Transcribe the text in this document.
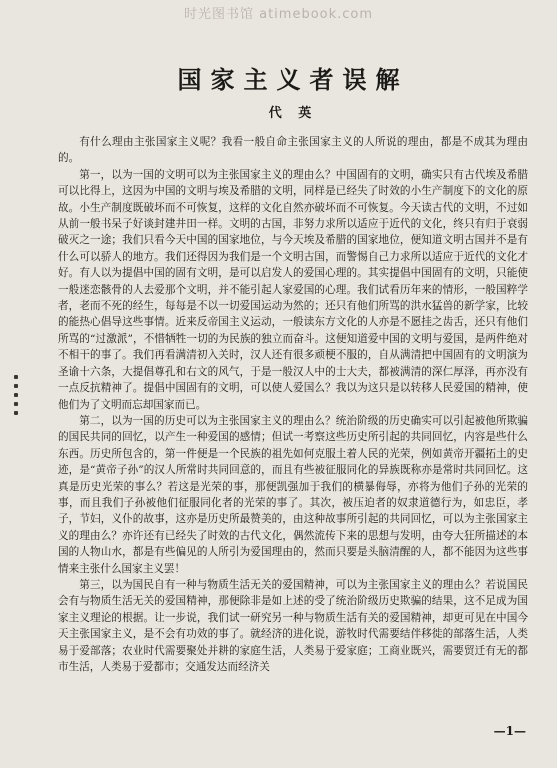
时光图书馆 atimebook.com
国家主义者误解
代 英

有什么理由主张国家主义呢？我看一般自命主张国家主义的人所说的理由，都是不成其为理由的。

第一，以为一国的文明可以为主张国家主义的理由么？中国固有的文明，确实只有古代埃及希腊可以比得上，这因为中国的文明与埃及希腊的文明，同样是已经失了时效的小生产制度下的文化的原故。小生产制度既破坏而不可恢复，这样的文化自然亦破坏而不可恢复。今天读古代的文明，不过如从前一般书呆子好谈封建井田一样。文明的古国，非努力求所以适应于近代的文化，终只有归于衰弱破灭之一途；我们只看今天中国的国家地位，与今天埃及希腊的国家地位，便知道文明古国并不是有什么可以骄人的地方。我们还得因为我们是一个文明古国，而警惕自己力求所以适应于近代的文化才好。有人以为提倡中国的固有文明，是可以启发人的爱国心理的。其实提倡中国固有的文明，只能使一般迷恋骸骨的人去爱那个文明，并不能引起人家爱国的心理。我们试看历年来的情形，一般国粹学者，老而不死的经生，每每是不以一切爱国运动为然的；还只有他们所骂的洪水猛兽的新学家，比较的能热心倡导这些事情。近来反帝国主义运动，一般读东方文化的人亦是不愿挂之齿舌，还只有他们所骂的“过激派”，不惜牺牲一切的为民族的独立而奋斗。这便知道爱中国的文明与爱国，是两件绝对不相干的事了。我们再看满清初入关时，汉人还有很多顽梗不服的，自从满清把中国固有的文明演为圣谕十六条，大提倡尊孔和右文的风气，于是一般汉人中的士大夫，都被满清的深仁厚泽，再亦没有一点反抗精神了。提倡中国固有的文明，可以使人爱国么？我以为这只是以转移人民爱国的精神，使他们为了文明而忘却国家而已。

第二，以为一国的历史可以为主张国家主义的理由么？统治阶级的历史确实可以引起被他所欺骗的国民共同的回忆，以产生一种爱国的感情；但试一考察这些历史所引起的共同回忆，内容是些什么东西。历史所包含的，第一件便是一个民族的祖先如何克服土着人民的光荣，例如黄帝开疆拓土的史迹，是“黄帝子孙”的汉人所常时共同回意的，而且有些被征服同化的异族既称亦是常时共同回忆。这真是历史光荣的事么？若这是光荣的事，那便凯强加于我们的横暴侮辱，亦将为他们子孙的光荣的事，而且我们子孙被他们征服同化者的光荣的事了。其次，被压迫者的奴隶道德行为，如忠臣，孝子，节妇，义仆的故事，这亦是历史所最赞美的，由这种故事所引起的共同回忆，可以为主张国家主义的理由么？亦许还有已经失了时效的古代文化，偶然流传下来的思想与发明，由夸大狂所描述的本国的人物山水，都是有些偏见的人所引为爱国理由的，然而只要是头脑清醒的人，都不能因为这些事情来主张什么国家主义罢！

第三，以为国民自有一种与物质生活无关的爱国精神，可以为主张国家主义的理由么？若说国民会有与物质生活无关的爱国精神，那便除非是如上述的受了统治阶级历史欺骗的结果，这不足成为国家主义理论的根据。让一步说，我们试一研究另一种与物质生活有关的爱国精神，却更可见在中国今天主张国家主义，是不会有功效的事了。就经济的进化说，游牧时代需要结伴移徙的部落生活，人类易于爱部落；农业时代需要聚处并耕的家庭生活，人类易于爱家庭；工商业既兴，需要贸迁有无的都市生活，人类易于爱都市；交通发达而经济关

—1—
